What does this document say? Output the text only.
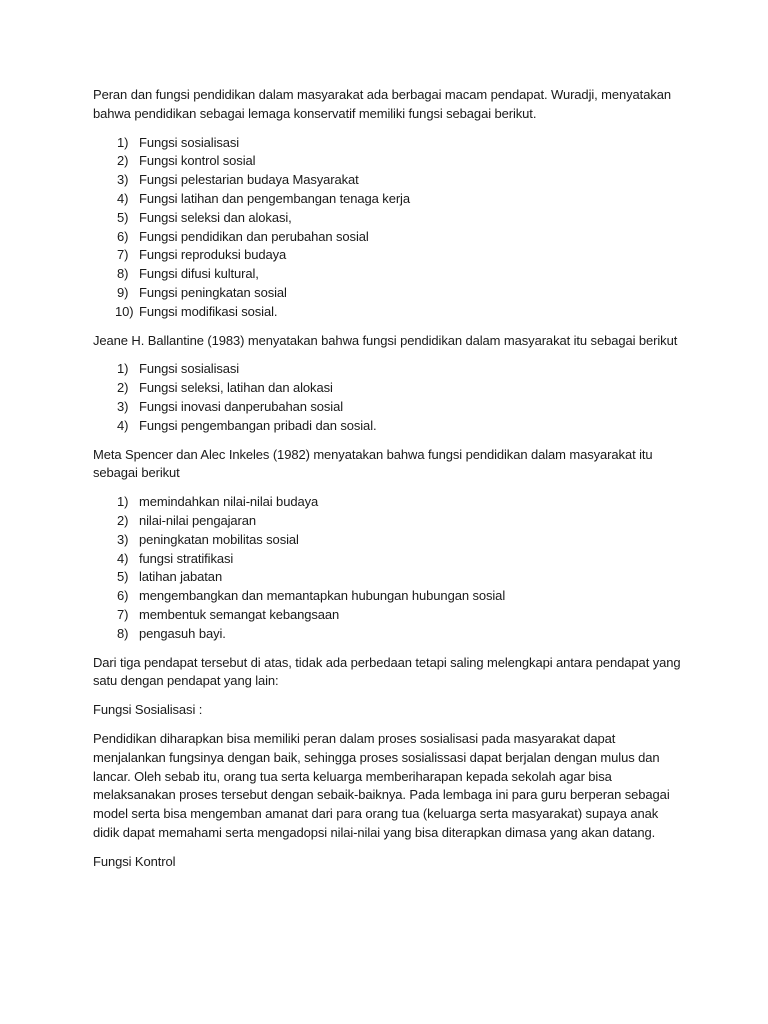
Peran dan fungsi pendidikan dalam masyarakat ada berbagai macam pendapat. Wuradji, menyatakan bahwa pendidikan sebagai lemaga konservatif memiliki fungsi sebagai berikut.

1) Fungsi sosialisasi
2) Fungsi kontrol sosial
3) Fungsi pelestarian budaya Masyarakat
4) Fungsi latihan dan pengembangan tenaga kerja
5) Fungsi seleksi dan alokasi,
6) Fungsi pendidikan dan perubahan sosial
7) Fungsi reproduksi budaya
8) Fungsi difusi kultural,
9) Fungsi peningkatan sosial
10) Fungsi modifikasi sosial.

Jeane H. Ballantine (1983) menyatakan bahwa fungsi pendidikan dalam masyarakat itu sebagai berikut

1) Fungsi sosialisasi
2) Fungsi seleksi, latihan dan alokasi
3) Fungsi inovasi danperubahan sosial
4) Fungsi pengembangan pribadi dan sosial.

Meta Spencer dan Alec Inkeles (1982) menyatakan bahwa fungsi pendidikan dalam masyarakat itu sebagai berikut

1) memindahkan nilai-nilai budaya
2) nilai-nilai pengajaran
3) peningkatan mobilitas sosial
4) fungsi stratifikasi
5) latihan jabatan
6) mengembangkan dan memantapkan hubungan hubungan sosial
7) membentuk semangat kebangsaan
8) pengasuh bayi.

Dari tiga pendapat tersebut di atas, tidak ada perbedaan tetapi saling melengkapi antara pendapat yang satu dengan pendapat yang lain:

Fungsi Sosialisasi :

Pendidikan diharapkan bisa memiliki peran dalam proses sosialisasi pada masyarakat dapat menjalankan fungsinya dengan baik, sehingga proses sosialissasi dapat berjalan dengan mulus dan lancar. Oleh sebab itu, orang tua serta keluarga memberiharapan kepada sekolah agar bisa melaksanakan proses tersebut dengan sebaik-baiknya. Pada lembaga ini para guru berperan sebagai model serta bisa mengemban amanat dari para orang tua (keluarga serta masyarakat) supaya anak didik dapat memahami serta mengadopsi nilai-nilai yang bisa diterapkan dimasa yang akan datang.

Fungsi Kontrol
